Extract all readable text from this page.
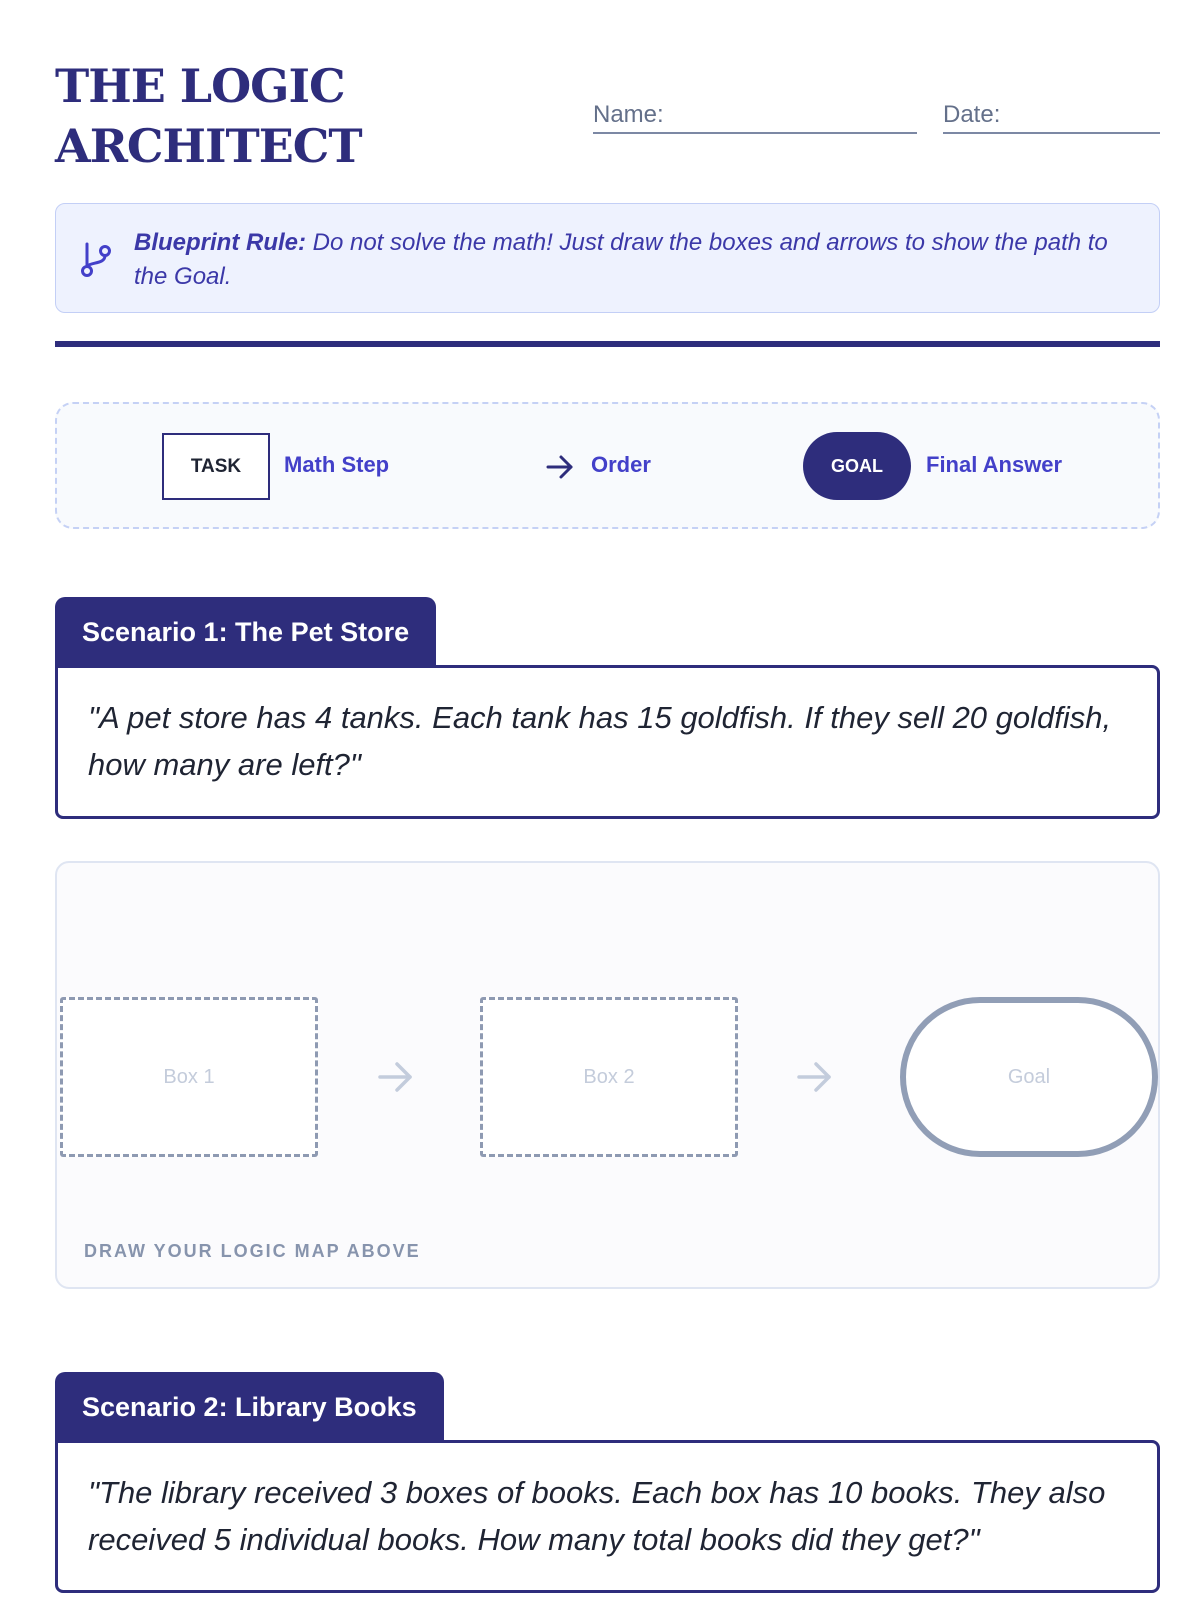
THE LOGIC
ARCHITECT
Name:	Date:
Blueprint Rule: Do not solve the math! Just draw the boxes and arrows to show the path to the Goal.
TASK	Math Step	Order	GOAL	Final Answer
Scenario 1: The Pet Store
"A pet store has 4 tanks. Each tank has 15 goldfish. If they sell 20 goldfish, how many are left?"
Box 1	Box 2	Goal
DRAW YOUR LOGIC MAP ABOVE
Scenario 2: Library Books
"The library received 3 boxes of books. Each box has 10 books. They also received 5 individual books. How many total books did they get?"
